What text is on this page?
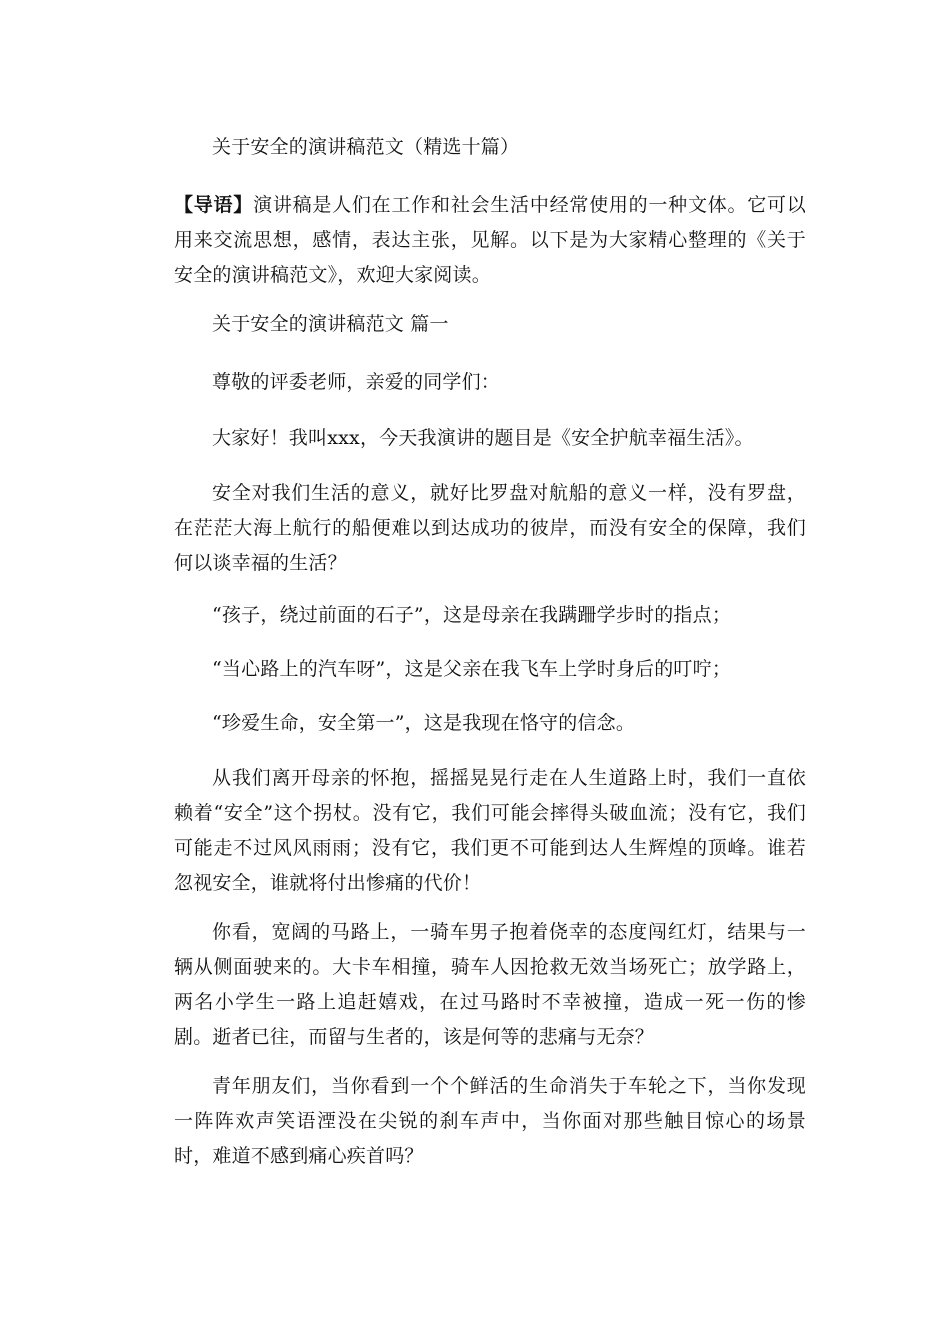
关于安全的演讲稿范文（精选十篇）

【导语】演讲稿是人们在工作和社会生活中经常使用的一种文体。它可以用来交流思想，感情，表达主张，见解。以下是为大家精心整理的《关于安全的演讲稿范文》，欢迎大家阅读。

关于安全的演讲稿范文 篇一

尊敬的评委老师，亲爱的同学们：

大家好！我叫xxx，今天我演讲的题目是《安全护航幸福生活》。

安全对我们生活的意义，就好比罗盘对航船的意义一样，没有罗盘，在茫茫大海上航行的船便难以到达成功的彼岸，而没有安全的保障，我们何以谈幸福的生活？

“孩子，绕过前面的石子”，这是母亲在我蹒跚学步时的指点；

“当心路上的汽车呀”，这是父亲在我飞车上学时身后的叮咛；

“珍爱生命，安全第一”，这是我现在恪守的信念。

从我们离开母亲的怀抱，摇摇晃晃行走在人生道路上时，我们一直依赖着“安全”这个拐杖。没有它，我们可能会摔得头破血流；没有它，我们可能走不过风风雨雨；没有它，我们更不可能到达人生辉煌的顶峰。谁若忽视安全，谁就将付出惨痛的代价！

你看，宽阔的马路上，一骑车男子抱着侥幸的态度闯红灯，结果与一辆从侧面驶来的。大卡车相撞，骑车人因抢救无效当场死亡；放学路上，两名小学生一路上追赶嬉戏，在过马路时不幸被撞，造成一死一伤的惨剧。逝者已往，而留与生者的，该是何等的悲痛与无奈？

青年朋友们，当你看到一个个鲜活的生命消失于车轮之下，当你发现一阵阵欢声笑语湮没在尖锐的刹车声中，当你面对那些触目惊心的场景时，难道不感到痛心疾首吗？
